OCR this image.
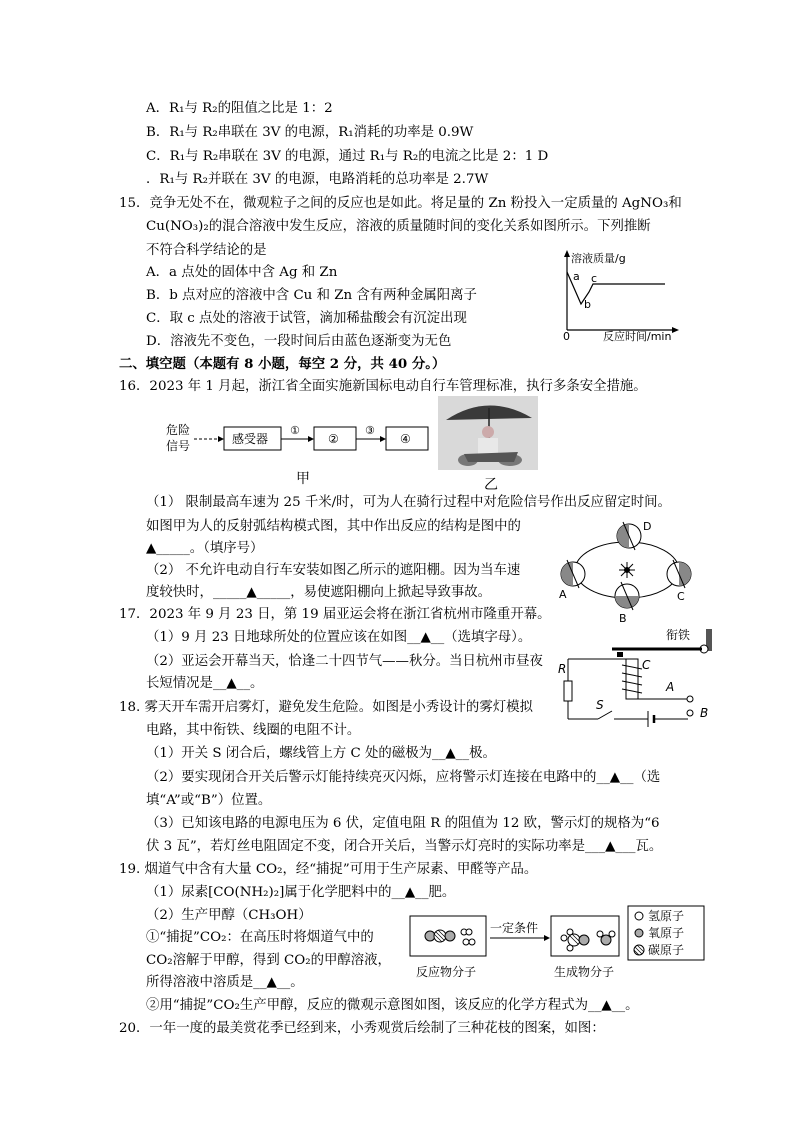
A．R₁与 R₂的阻值之比是 1：2
B．R₁与 R₂串联在 3V 的电源，R₁消耗的功率是 0.9W
C．R₁与 R₂串联在 3V 的电源，通过 R₁与 R₂的电流之比是 2：1 D
．R₁与 R₂并联在 3V 的电源，电路消耗的总功率是 2.7W
15．竞争无处不在，微观粒子之间的反应也是如此。将足量的 Zn 粉投入一定质量的 AgNO₃和
Cu(NO₃)₂的混合溶液中发生反应，溶液的质量随时间的变化关系如图所示。下列推断
不符合科学结论的是
A．a 点处的固体中含 Ag 和 Zn
B．b 点对应的溶液中含 Cu 和 Zn 含有两种金属阳离子
C．取 c 点处的溶液于试管，滴加稀盐酸会有沉淀出现
D．溶液先不变色，一段时间后由蓝色逐渐变为无色
溶液质量/g
a
b
c
0	反应时间/min
二、填空题（本题有 8 小题，每空 2 分，共 40 分。）
16．2023 年 1 月起，浙江省全面实施新国标电动自行车管理标准，执行多条安全措施。
危险
信号	感受器
①
②
③
④
甲	乙
（1） 限制最高车速为 25 千米/时，可为人在骑行过程中对危险信号作出反应留定时间。
如图甲为人的反射弧结构模式图，其中作出反应的结构是图中的
▲_____。（填序号）
（2） 不允许电动自行车安装如图乙所示的遮阳棚。因为当车速
度较快时，_____▲_____，易使遮阳棚向上掀起导致事故。
D
A	C
B
17．2023 年 9 月 23 日，第 19 届亚运会将在浙江省杭州市隆重开幕。
（1）9 月 23 日地球所处的位置应该在如图__▲__（选填字母）。
（2）亚运会开幕当天，恰逢二十四节气——秋分。当日杭州市昼夜
长短情况是__▲__。
衔铁
C
R
S
A
B
18. 雾天开车需开启雾灯，避免发生危险。如图是小秀设计的雾灯模拟
电路，其中衔铁、线圈的电阻不计。
（1）开关 S 闭合后，螺线管上方 C 处的磁极为__▲__极。
（2）要实现闭合开关后警示灯能持续亮灭闪烁，应将警示灯连接在电路中的__▲__（选
填“A”或“B”）位置。
（3）已知该电路的电源电压为 6 伏，定值电阻 R 的阻值为 12 欧，警示灯的规格为“6
伏 3 瓦”，若灯丝电阻固定不变，闭合开关后，当警示灯亮时的实际功率是___▲___瓦。
19. 烟道气中含有大量 CO₂，经“捕捉”可用于生产尿素、甲醛等产品。
（1）尿素[CO(NH₂)₂]属于化学肥料中的__▲__肥。
（2）生产甲醇（CH₃OH）
①“捕捉”CO₂：在高压时将烟道气中的
CO₂溶解于甲醇，得到 CO₂的甲醇溶液，
所得溶液中溶质是__▲__。
②用“捕捉”CO₂生产甲醇，反应的微观示意图如图，该反应的化学方程式为__▲__。
一定条件
反应物分子	生成物分子
氢原子
氧原子
碳原子
20．一年一度的最美赏花季已经到来，小秀观赏后绘制了三种花枝的图案，如图：
